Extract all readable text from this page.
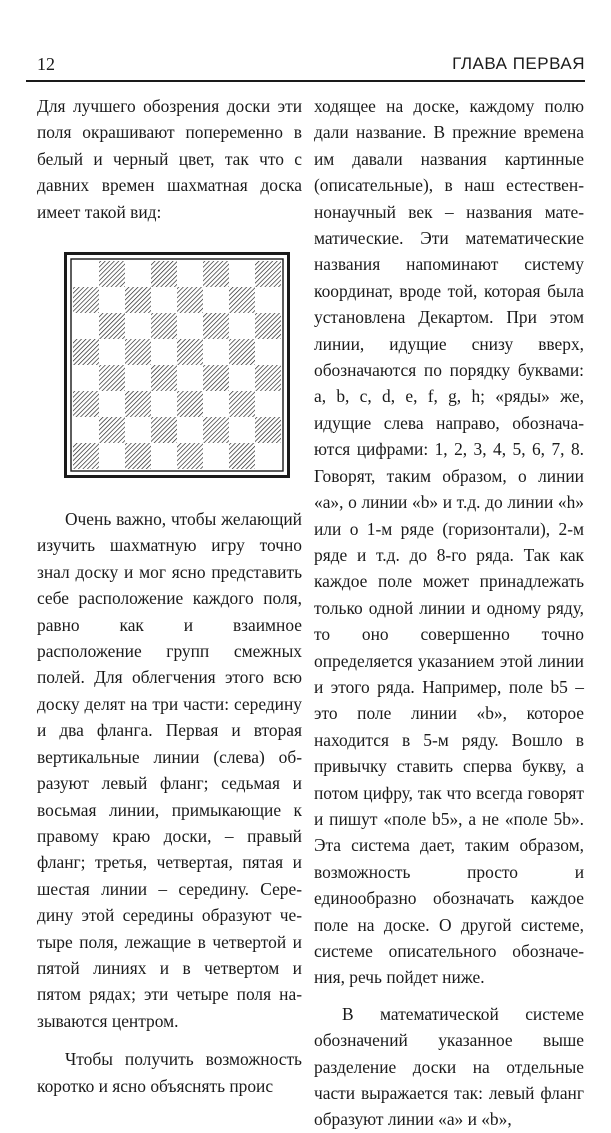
12	ГЛАВА ПЕРВАЯ

Для лучшего обозрения доски эти поля окрашивают попеременно в белый и черный цвет, так что с давних времен шахматная доска имеет такой вид:

Очень важно, чтобы желающий изучить шахматную игру точно знал доску и мог ясно представить себе расположение каждого поля, равно как и взаимное расположение групп смежных полей. Для облегчения этого всю доску делят на три части: середину и два фланга. Первая и вторая вертикальные линии (слева) образуют левый фланг; седьмая и восьмая линии, примыкающие к правому краю доски, – правый фланг; третья, четвертая, пятая и шестая линии – середину. Середину этой середины образуют четыре поля, лежащие в четвертой и пятой линиях и в четвертом и пятом рядах; эти четыре поля называются центром.

Чтобы получить возможность коротко и ясно объяснять проис

ходящее на доске, каждому полю дали название. В прежние времена им давали названия картинные (описательные), в наш естественнонаучный век – названия математические. Эти математические названия напоминают систему координат, вроде той, которая была установлена Декартом. При этом линии, идущие снизу вверх, обозначаются по порядку буквами: a, b, c, d, e, f, g, h; «ряды» же, идущие слева направо, обозначаются цифрами: 1, 2, 3, 4, 5, 6, 7, 8. Говорят, таким образом, о линии «a», о линии «b» и т.д. до линии «h» или о 1-м ряде (горизонтали), 2-м ряде и т.д. до 8-го ряда. Так как каждое поле может принадлежать только одной линии и одному ряду, то оно совершенно точно определяется указанием этой линии и этого ряда. Например, поле b5 – это поле линии «b», которое находится в 5-м ряду. Вошло в привычку ставить сперва букву, а потом цифру, так что всегда говорят и пишут «поле b5», а не «поле 5b». Эта система дает, таким образом, возможность просто и единообразно обозначать каждое поле на доске. О другой системе, системе описательного обозначения, речь пойдет ниже.

В математической системе обозначений указанное выше разделение доски на отдельные части выражается так: левый фланг образуют линии «a» и «b»,
